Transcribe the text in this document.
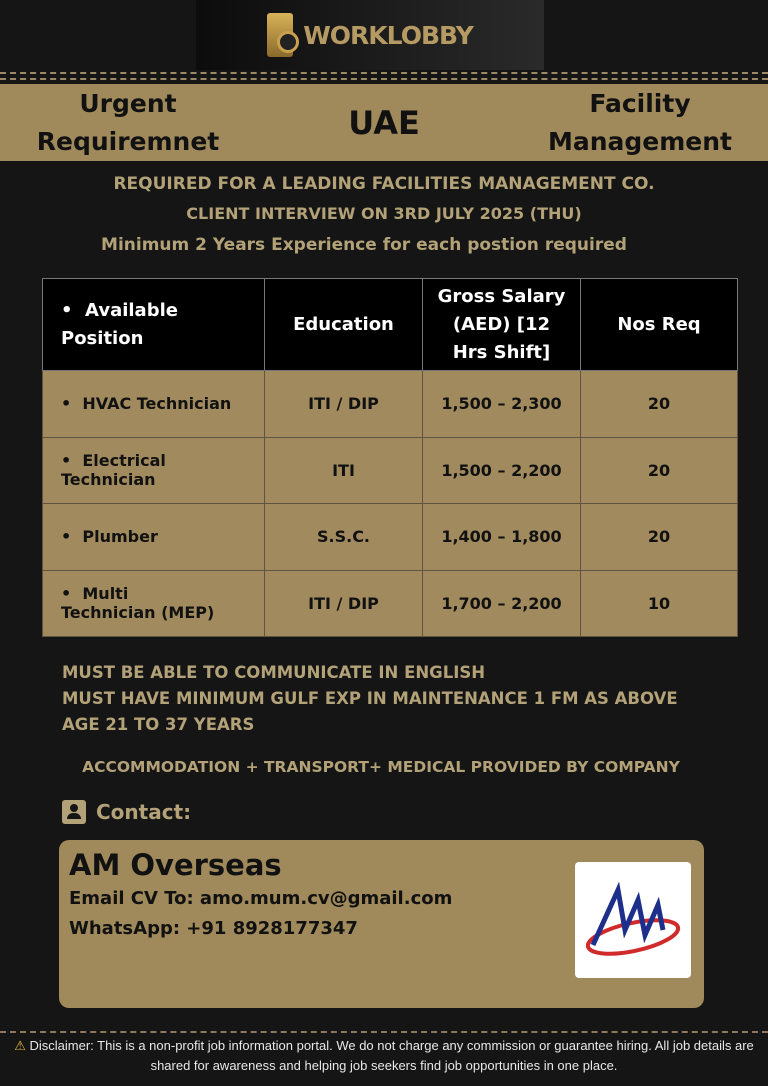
WORKLOBBY
Urgent Requiremnet	UAE
Facility Management
REQUIRED FOR A LEADING FACILITIES MANAGEMENT CO.
CLIENT INTERVIEW ON 3RD JULY 2025 (THU)
Minimum 2 Years Experience for each postion required
•  Available Position	Education	Gross Salary (AED) [12 Hrs Shift]	Nos Req
•  HVAC Technician	ITI / DIP	1,500 – 2,300	20
•  Electrical Technician	ITI	1,500 – 2,200	20
•  Plumber	S.S.C.	1,400 – 1,800	20
•  Multi Technician (MEP)	ITI / DIP	1,700 – 2,200	10
MUST BE ABLE TO COMMUNICATE IN ENGLISH
MUST HAVE MINIMUM GULF EXP IN MAINTENANCE 1 FM AS ABOVE
AGE 21 TO 37 YEARS
ACCOMMODATION + TRANSPORT+ MEDICAL PROVIDED BY COMPANY
Contact:
AM Overseas

Email CV To: amo.mum.cv@gmail.com

WhatsApp: +91 8928177347

⚠ Disclaimer: This is a non-profit job information portal. We do not charge any commission or guarantee hiring. All job details are shared for awareness and helping job seekers find job opportunities in one place.
